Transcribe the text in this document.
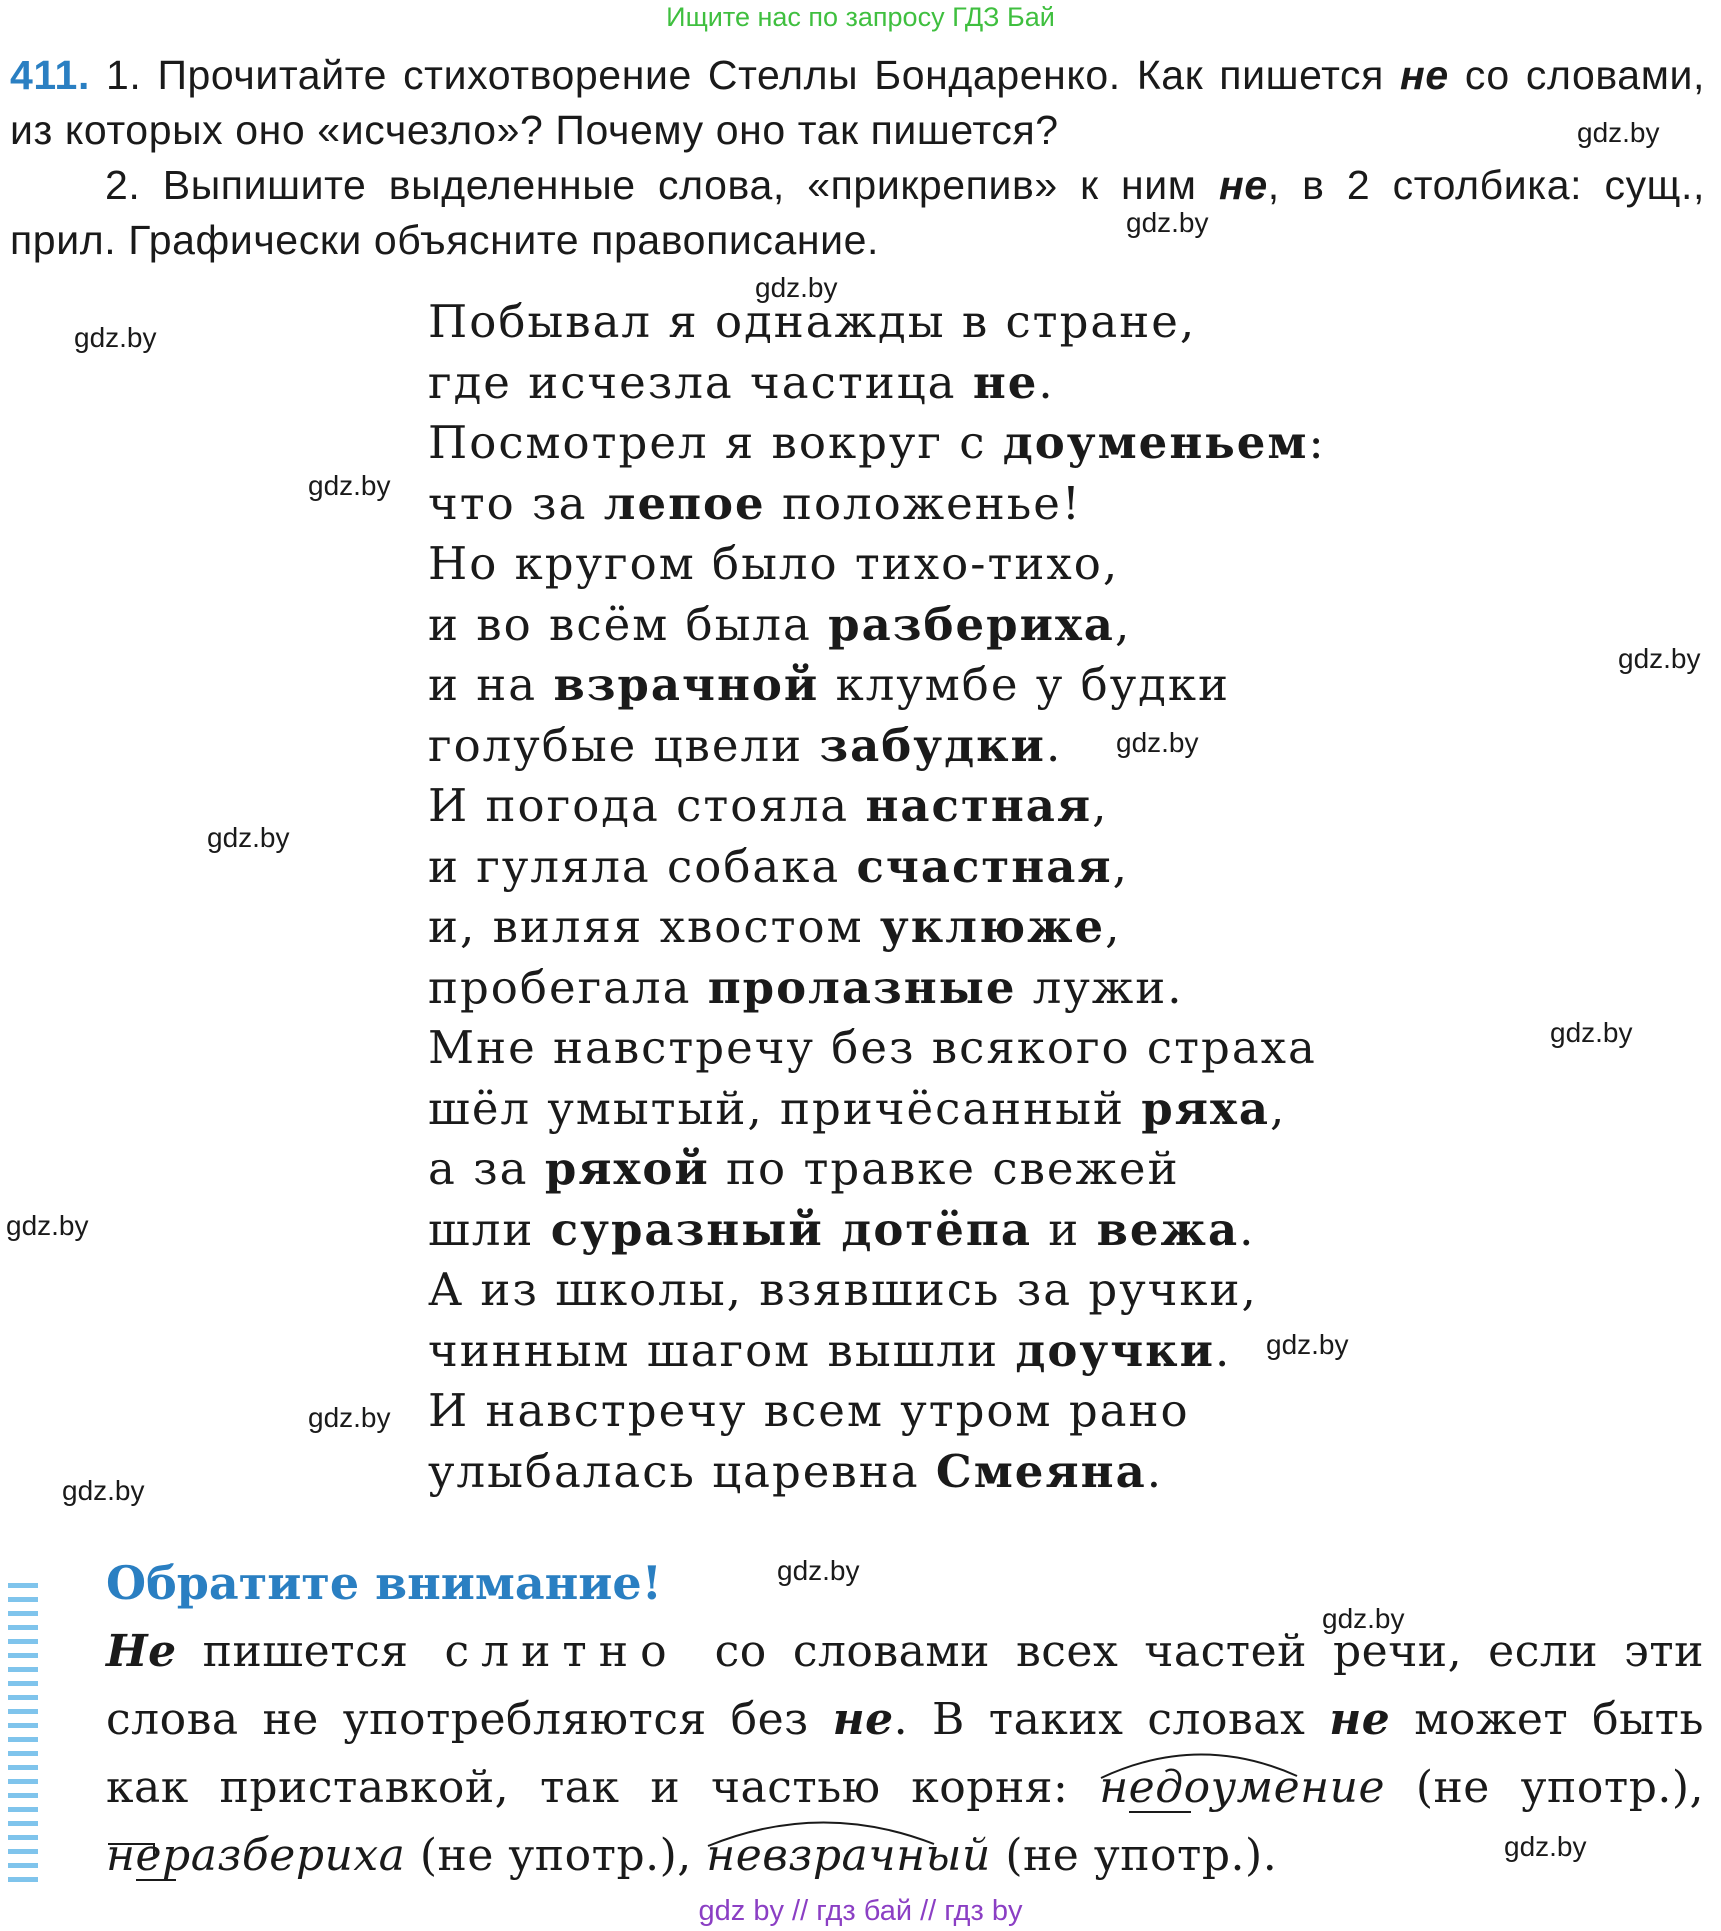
Ищите нас по запросу ГДЗ Бай

411. 1. Прочитайте стихотворение Стеллы Бондаренко. Как пишется не со словами, из которых оно «исчезло»? Почему оно так пишется?

2. Выпишите выделенные слова, «прикрепив» к ним не, в 2 столбика: сущ., прил. Графически объясните правописание.

Побывал я однажды в стране,
где исчезла частица не.
Посмотрел я вокруг с доуменьем:
что за лепое положенье!
Но кругом было тихо-тихо,
и во всём была разбериха,
и на взрачной клумбе у будки
голубые цвели забудки.
И погода стояла настная,
и гуляла собака счастная,
и, виляя хвостом уклюже,
пробегала пролазные лужи.
Мне навстречу без всякого страха
шёл умытый, причёсанный ряха,
а за ряхой по травке свежей
шли суразный дотёпа и вежа.
А из школы, взявшись за ручки,
чинным шагом вышли доучки.
И навстречу всем утром рано
улыбалась царевна Смеяна.
Обратите внимание!
Не пишется слитно со словами всех частей речи, если эти слова не употребляются без не. В таких словах не может быть как приставкой, так и частью корня: недоумение (не употр.),
неразбериха (не употр.), невзрачный (не употр.).
gdz.by
gdz.by
gdz.by
gdz.by
gdz.by
gdz.by
gdz.by
gdz.by
gdz.by
gdz.by
gdz.by
gdz.by
gdz.by
gdz.by
gdz.by
gdz.by
gdz by // гдз бай // гдз by
